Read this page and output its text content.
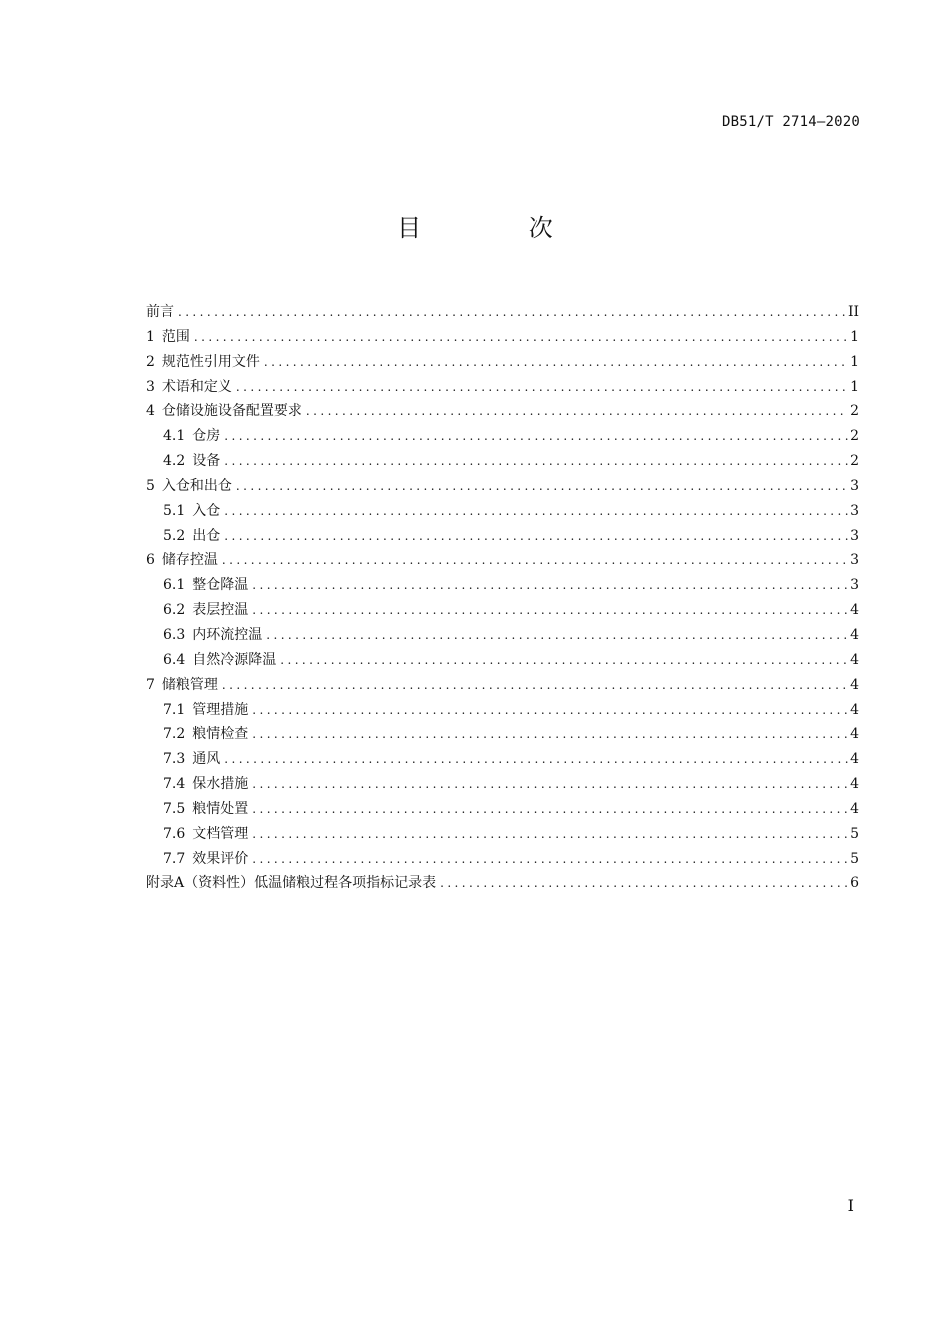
DB51/T 2714—2020
目 次
前言 .....	II
1 范围 .....	1
2 规范性引用文件 .....	1
3 术语和定义 .....	1
4 仓储设施设备配置要求 .....	2
4.1 仓房 .....	2
4.2 设备 .....	2
5 入仓和出仓 .....	3
5.1 入仓 .....	3
5.2 出仓 .....	3
6 储存控温 .....	3
6.1 整仓降温 .....	3
6.2 表层控温 .....	4
6.3 内环流控温 .....	4
6.4 自然冷源降温 .....	4
7 储粮管理 .....	4
7.1 管理措施 .....	4
7.2 粮情检查 .....	4
7.3 通风 .....	4
7.4 保水措施 .....	4
7.5 粮情处置 .....	4
7.6 文档管理 .....	5
7.7 效果评价 .....	5
附录A（资料性）低温储粮过程各项指标记录表 .....	6
I
